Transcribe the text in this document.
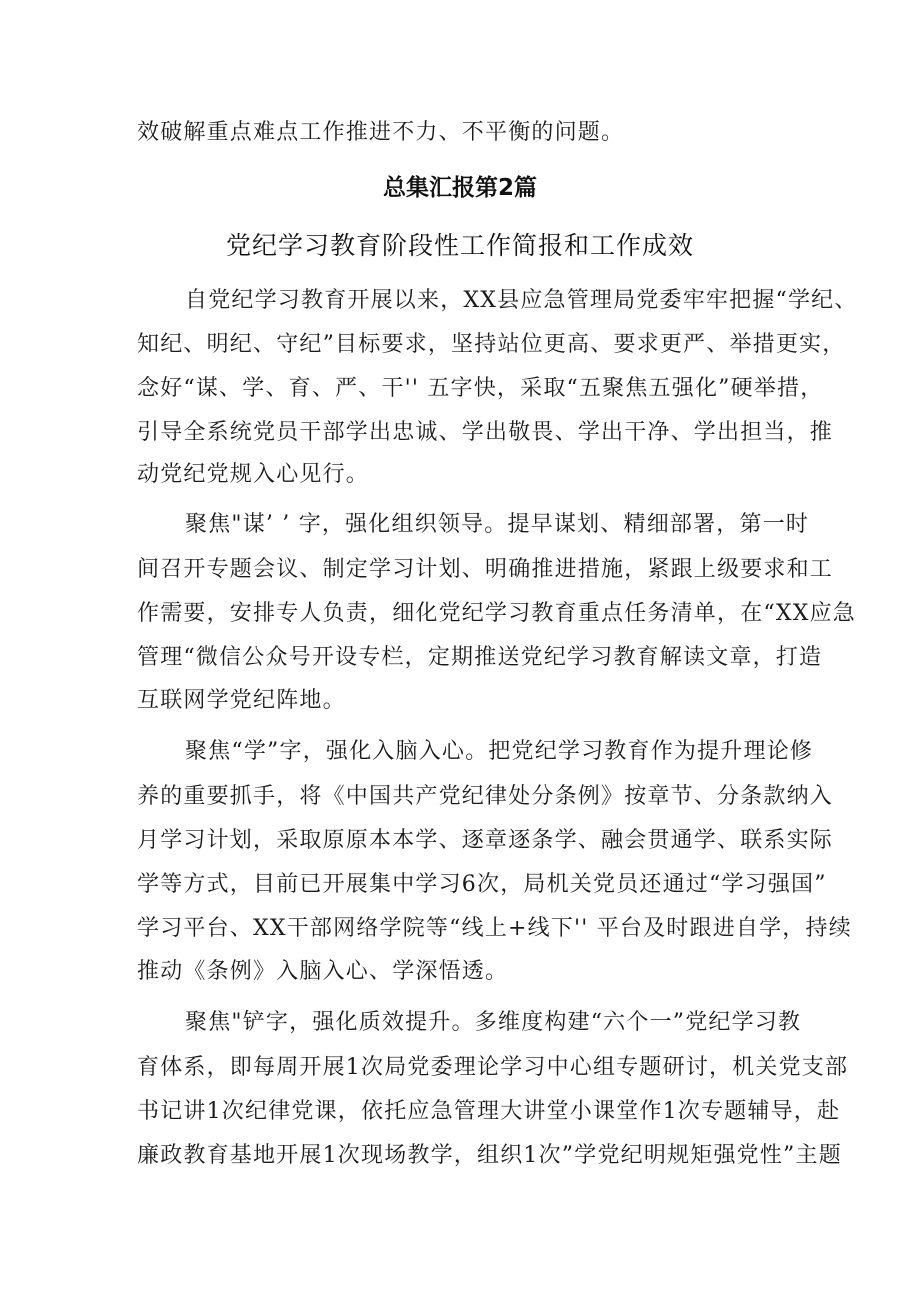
效破解重点难点工作推进不力、不平衡的问题。
总集汇报第2篇
党纪学习教育阶段性工作简报和工作成效
自党纪学习教育开展以来，XX县应急管理局党委牢牢把握“学纪、
知纪、明纪、守纪”目标要求，坚持站位更高、要求更严、举措更实，
念好“谋、学、育、严、干'' 五字快，采取“五聚焦五强化”硬举措，
引导全系统党员干部学出忠诚、学出敬畏、学出干净、学出担当，推
动党纪党规入心见行。
聚焦"谋’ ’ 字，强化组织领导。提早谋划、精细部署，第一时
间召开专题会议、制定学习计划、明确推进措施，紧跟上级要求和工
作需要，安排专人负责，细化党纪学习教育重点任务清单，在“XX应急
管理“微信公众号开设专栏，定期推送党纪学习教育解读文章，打造
互联网学党纪阵地。
聚焦“学”字，强化入脑入心。把党纪学习教育作为提升理论修
养的重要抓手，将《中国共产党纪律处分条例》按章节、分条款纳入
月学习计划，采取原原本本学、逐章逐条学、融会贯通学、联系实际
学等方式，目前已开展集中学习6次，局机关党员还通过“学习强国”
学习平台、XX干部网络学院等“线上+线下'' 平台及时跟进自学，持续
推动《条例》入脑入心、学深悟透。
聚焦"铲字，强化质效提升。多维度构建“六个一”党纪学习教
育体系，即每周开展1次局党委理论学习中心组专题研讨，机关党支部
书记讲1次纪律党课，依托应急管理大讲堂小课堂作1次专题辅导，赴
廉政教育基地开展1次现场教学，组织1次”学党纪明规矩强党性”主题
